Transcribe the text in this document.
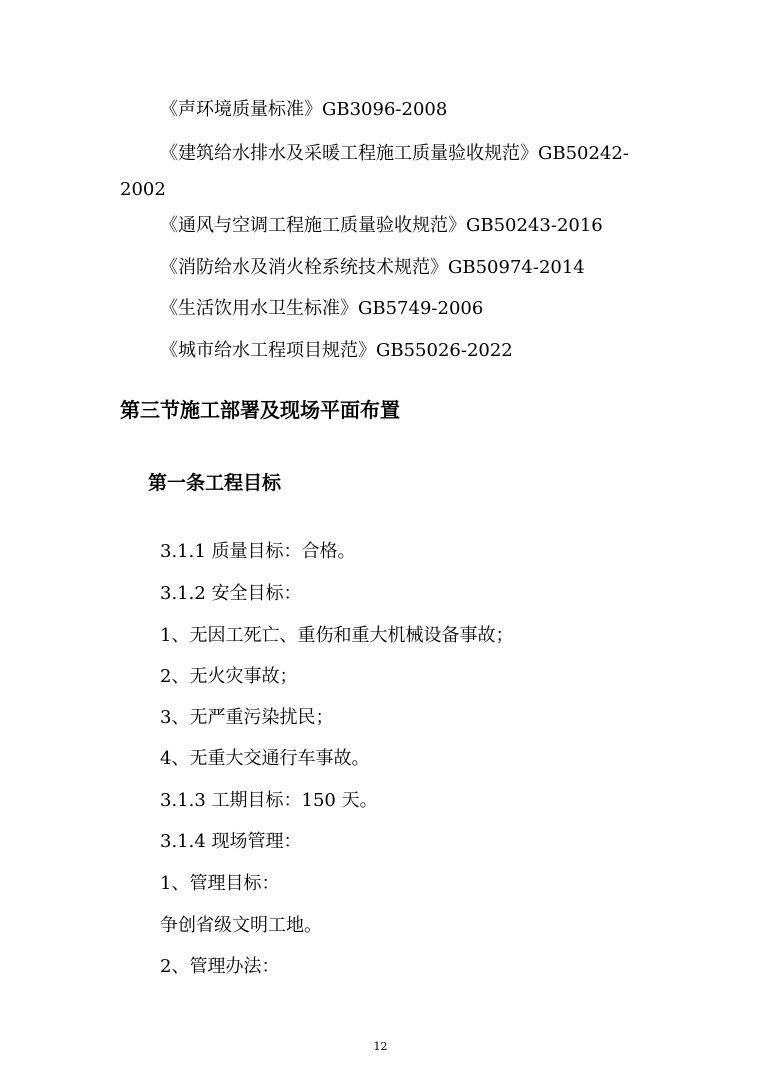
《声环境质量标准》GB3096-2008
《建筑给水排水及采暖工程施工质量验收规范》GB50242-
2002
《通风与空调工程施工质量验收规范》GB50243-2016
《消防给水及消火栓系统技术规范》GB50974-2014
《生活饮用水卫生标准》GB5749-2006
《城市给水工程项目规范》GB55026-2022
第三节施工部署及现场平面布置
第一条工程目标
3.1.1 质量目标：合格。
3.1.2 安全目标：
1、无因工死亡、重伤和重大机械设备事故；
2、无火灾事故；
3、无严重污染扰民；
4、无重大交通行车事故。
3.1.3 工期目标：150 天。
3.1.4 现场管理：
1、管理目标：
争创省级文明工地。
2、管理办法：
12
